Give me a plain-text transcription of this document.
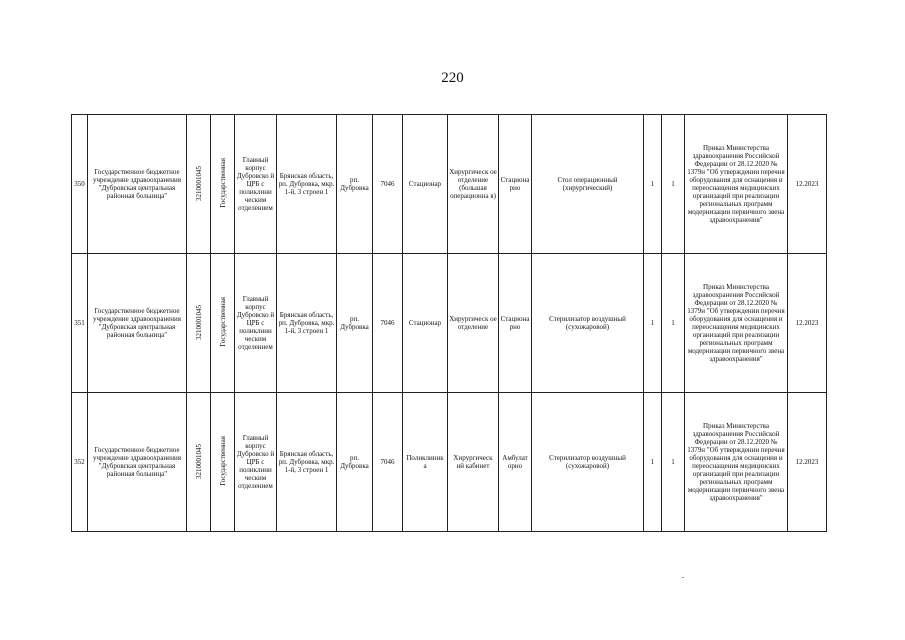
220
350	Государственное бюджетное учреждение здравоохранения "Дубровская центральная районная больница"	3210001045	Государственная	Главный корпус Дубровско й ЦРБ с поликлини ческим отделением	Брянская область, рп. Дубровка, мкр. 1-й, 3 строен 1	рп. Дубровка	7046	Стационар	Хирургическ ое отделение (большая операционна я)	Стациона рно	Стол операционный (хирургический)	1	1	Приказ Министерства здравоохранения Российской Федерации от 28.12.2020 № 1379н "Об утверждении перечня оборудования для оснащения и переоснащения медицинских организаций при реализации региональных программ модернизации первичного звена здравоохранения"	12.2023
351	Государственное бюджетное учреждение здравоохранения "Дубровская центральная районная больница"	3210001045	Государственная	Главный корпус Дубровско й ЦРБ с поликлини ческим отделением	Брянская область, рп. Дубровка, мкр. 1-й, 3 строен 1	рп. Дубровка	7046	Стационар	Хирургическ ое отделение	Стациона рно	Стерилизатор воздушный (сухожаровой)	1	1	Приказ Министерства здравоохранения Российской Федерации от 28.12.2020 № 1379н "Об утверждении перечня оборудования для оснащения и переоснащения медицинских организаций при реализации региональных программ модернизации первичного звена здравоохранения"	12.2023
352	Государственное бюджетное учреждение здравоохранения "Дубровская центральная районная больница"	3210001045	Государственная	Главный корпус Дубровско й ЦРБ с поликлини ческим отделением	Брянская область, рп. Дубровка, мкр. 1-й, 3 строен 1	рп. Дубровка	7046	Поликлиник а	Хирургическ ий кабинет	Амбулат орно	Стерилизатор воздушный (сухожаровой)	1	1	Приказ Министерства здравоохранения Российской Федерации от 28.12.2020 № 1379н "Об утверждении перечня оборудования для оснащения и переоснащения медицинских организаций при реализации региональных программ модернизации первичного звена здравоохранения"	12.2023
